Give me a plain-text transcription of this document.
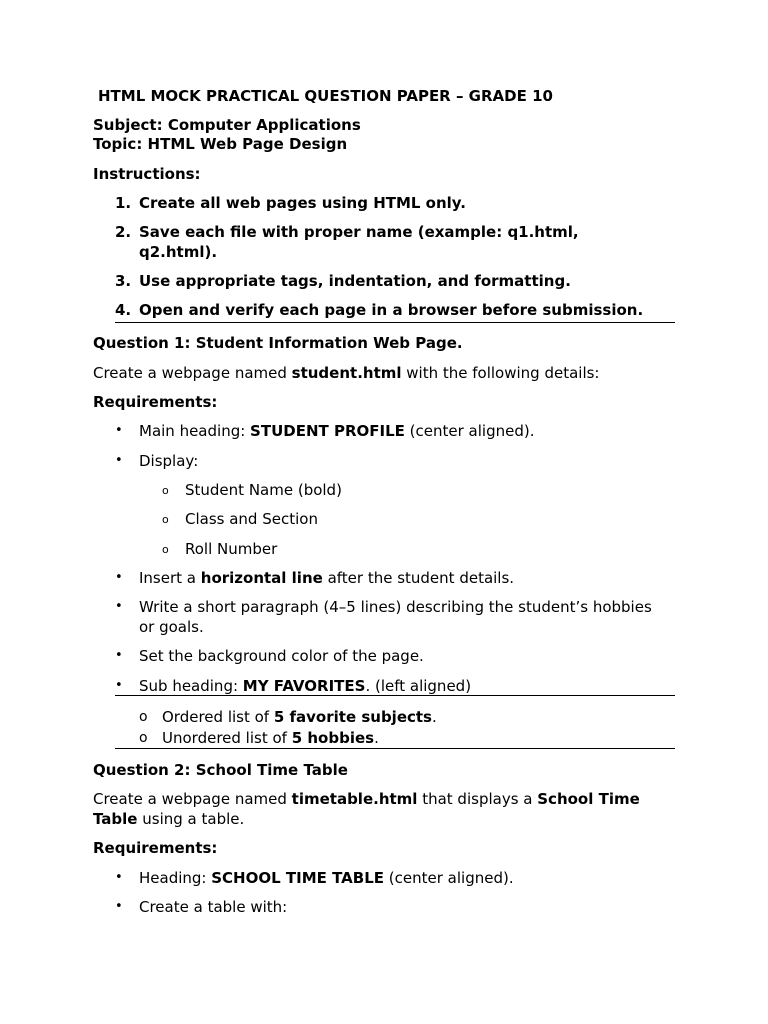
HTML MOCK PRACTICAL QUESTION PAPER – GRADE 10
Subject: Computer Applications
Topic: HTML Web Page Design
Instructions:
1. Create all web pages using HTML only.
2. Save each file with proper name (example: q1.html,
q2.html).
3. Use appropriate tags, indentation, and formatting.
4. Open and verify each page in a browser before submission.
Question 1: Student Information Web Page.
Create a webpage named student.html with the following details:
Requirements:
• Main heading: STUDENT PROFILE (center aligned).
• Display:
o Student Name (bold)
o Class and Section
o Roll Number
• Insert a horizontal line after the student details.
• Write a short paragraph (4–5 lines) describing the student’s hobbies
or goals.
• Set the background color of the page.
• Sub heading: MY FAVORITES. (left aligned)
o Ordered list of 5 favorite subjects.
o Unordered list of 5 hobbies.
Question 2: School Time Table
Create a webpage named timetable.html that displays a School Time
Table using a table.
Requirements:
• Heading: SCHOOL TIME TABLE (center aligned).
• Create a table with:
